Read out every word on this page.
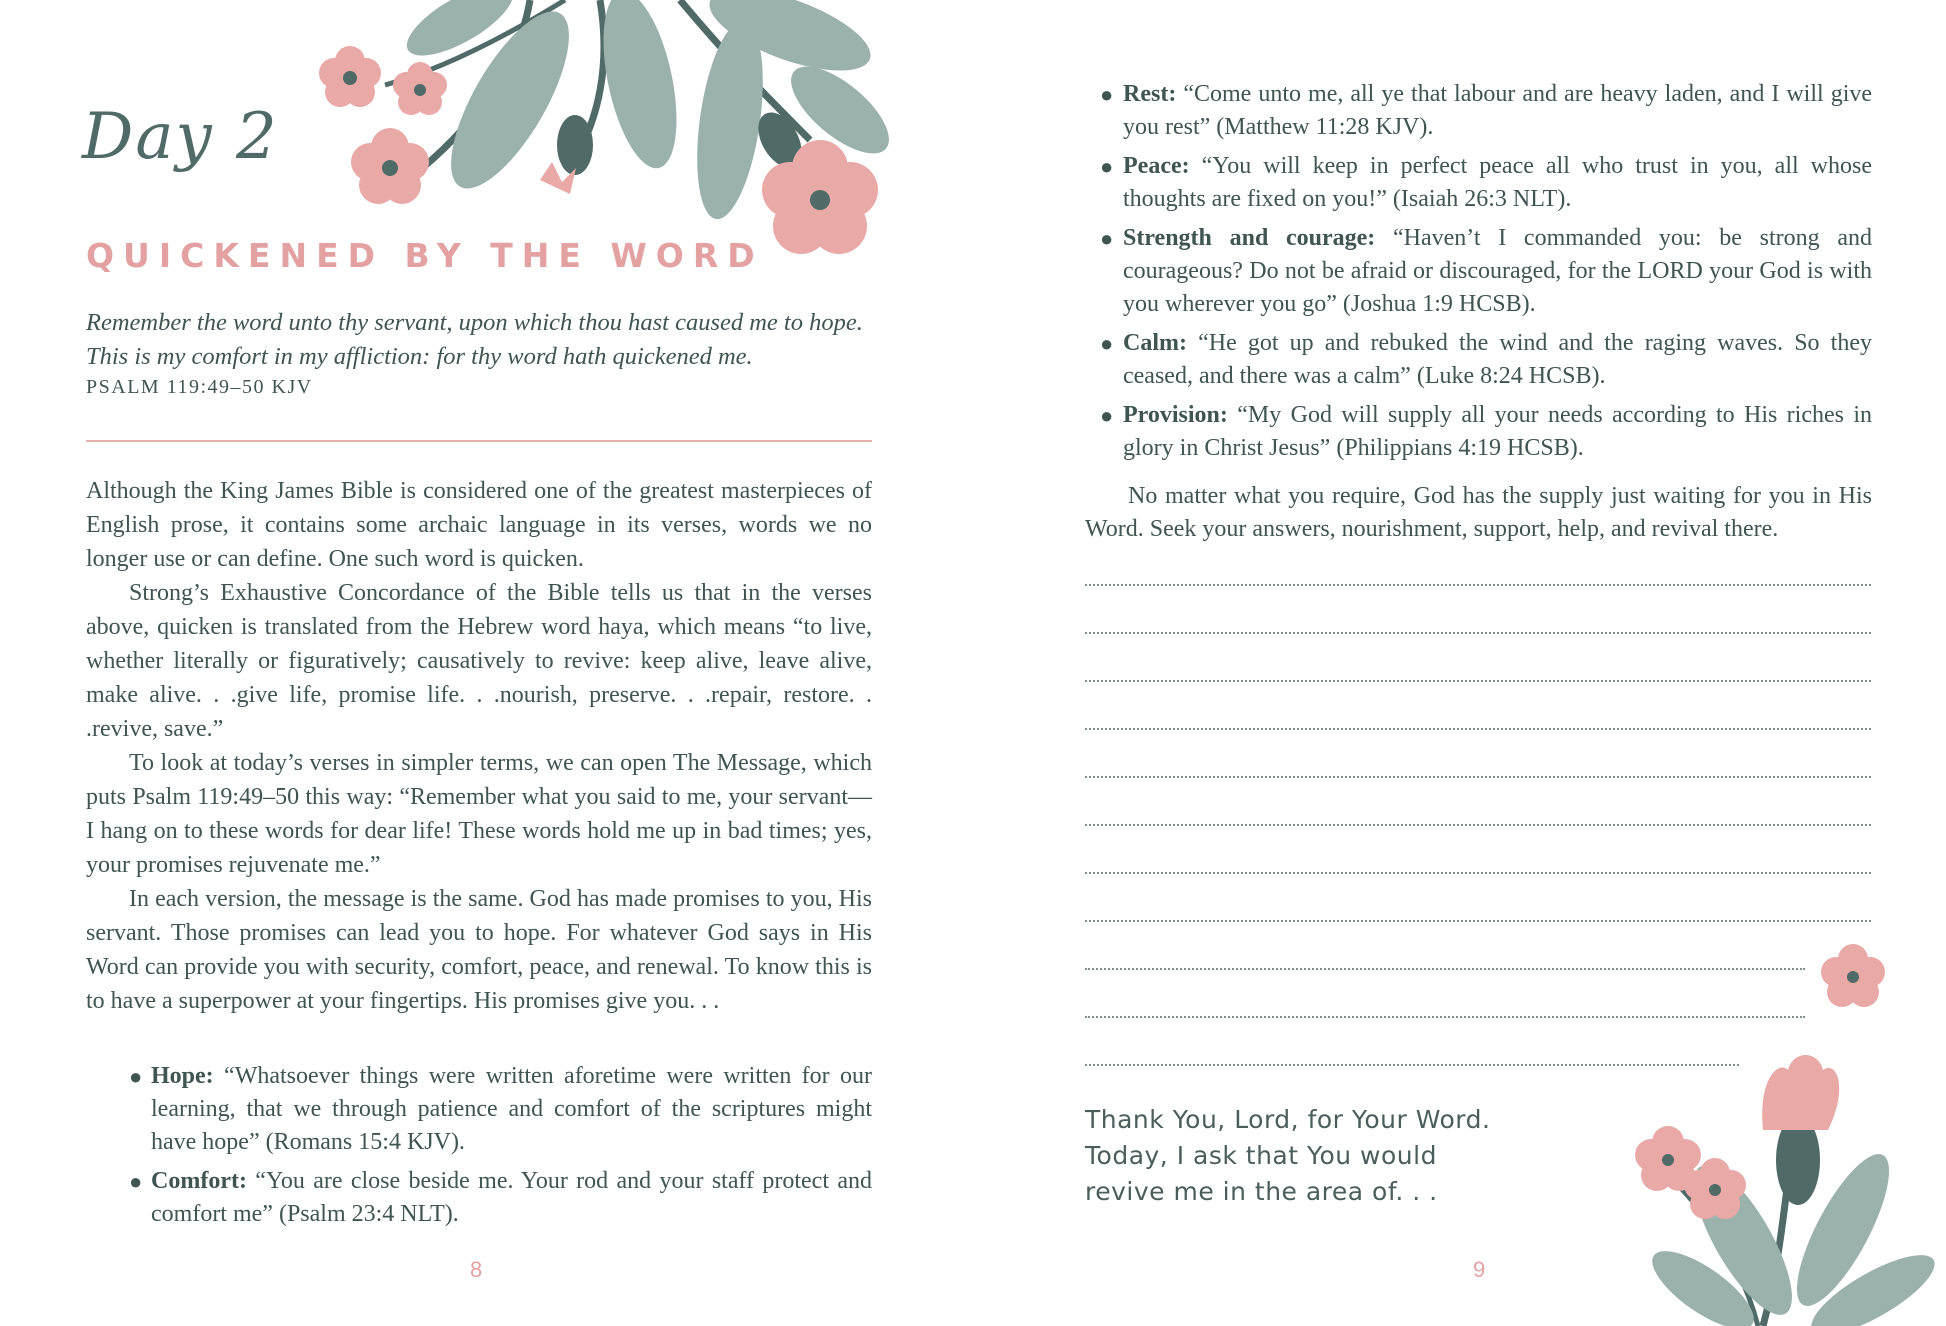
Day 2
QUICKENED BY THE WORD
Remember the word unto thy servant, upon which thou hast caused me to hope. This is my comfort in my affliction: for thy word hath quickened me.
PSALM 119:49–50 KJV

Although the King James Bible is considered one of the greatest masterpieces of English prose, it contains some archaic language in its verses, words we no longer use or can define. One such word is quicken.

Strong’s Exhaustive Concordance of the Bible tells us that in the verses above, quicken is translated from the Hebrew word haya, which means “to live, whether literally or figuratively; causatively to revive: keep alive, leave alive, make alive. . .give life, promise life. . .nourish, preserve. . .repair, restore. . .revive, save.”

To look at today’s verses in simpler terms, we can open The Message, which puts Psalm 119:49–50 this way: “Remember what you said to me, your servant—I hang on to these words for dear life! These words hold me up in bad times; yes, your promises rejuvenate me.”

In each version, the message is the same. God has made promises to you, His servant. Those promises can lead you to hope. For whatever God says in His Word can provide you with security, comfort, peace, and renewal. To know this is to have a superpower at your fingertips. His promises give you. . .

● Hope: “Whatsoever things were written aforetime were written for our learning, that we through patience and comfort of the scriptures might have hope” (Romans 15:4 KJV).
● Comfort: “You are close beside me. Your rod and your staff protect and comfort me” (Psalm 23:4 NLT).
8
● Rest: “Come unto me, all ye that labour and are heavy laden, and I will give you rest” (Matthew 11:28 KJV).
● Peace: “You will keep in perfect peace all who trust in you, all whose thoughts are fixed on you!” (Isaiah 26:3 NLT).
● Strength and courage: “Haven’t I commanded you: be strong and courageous? Do not be afraid or discouraged, for the LORD your God is with you wherever you go” (Joshua 1:9 HCSB).
● Calm: “He got up and rebuked the wind and the raging waves. So they ceased, and there was a calm” (Luke 8:24 HCSB).
● Provision: “My God will supply all your needs according to His riches in glory in Christ Jesus” (Philippians 4:19 HCSB).
No matter what you require, God has the supply just waiting for you in His Word. Seek your answers, nourishment, support, help, and revival there.
Thank You, Lord, for Your Word. Today, I ask that You would revive me in the area of. . .
9
